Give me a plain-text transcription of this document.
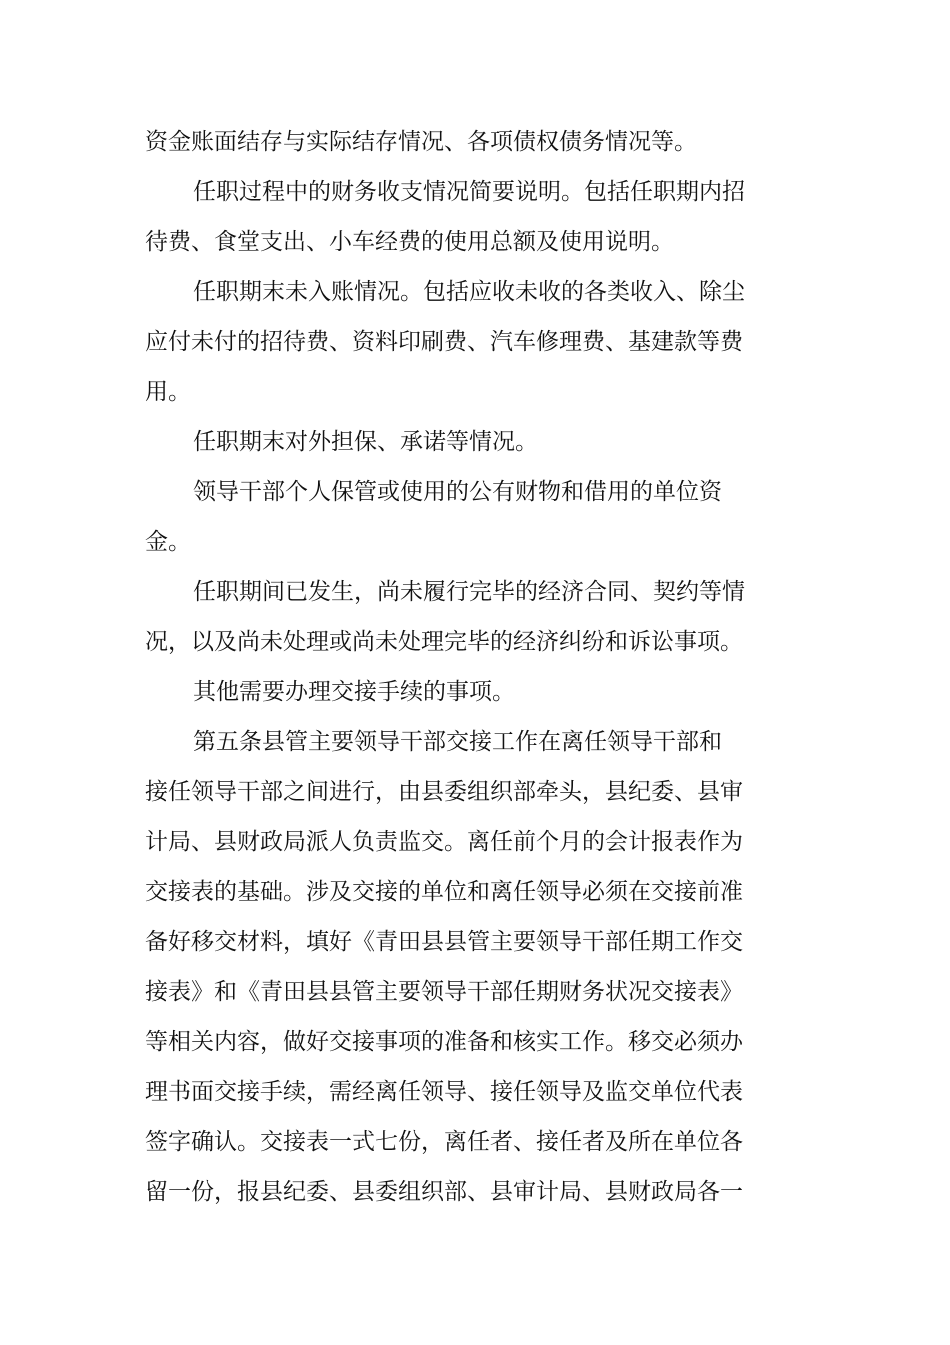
资金账面结存与实际结存情况、各项债权债务情况等。
任职过程中的财务收支情况简要说明。包括任职期内招
待费、食堂支出、小车经费的使用总额及使用说明。
任职期末未入账情况。包括应收未收的各类收入、除尘
应付未付的招待费、资料印刷费、汽车修理费、基建款等费
用。
任职期末对外担保、承诺等情况。
领导干部个人保管或使用的公有财物和借用的单位资
金。
任职期间已发生，尚未履行完毕的经济合同、契约等情
况，以及尚未处理或尚未处理完毕的经济纠纷和诉讼事项。
其他需要办理交接手续的事项。
第五条县管主要领导干部交接工作在离任领导干部和
接任领导干部之间进行，由县委组织部牵头，县纪委、县审
计局、县财政局派人负责监交。离任前个月的会计报表作为
交接表的基础。涉及交接的单位和离任领导必须在交接前准
备好移交材料，填好《青田县县管主要领导干部任期工作交
接表》和《青田县县管主要领导干部任期财务状况交接表》
等相关内容，做好交接事项的准备和核实工作。移交必须办
理书面交接手续，需经离任领导、接任领导及监交单位代表
签字确认。交接表一式七份，离任者、接任者及所在单位各
留一份，报县纪委、县委组织部、县审计局、县财政局各一
